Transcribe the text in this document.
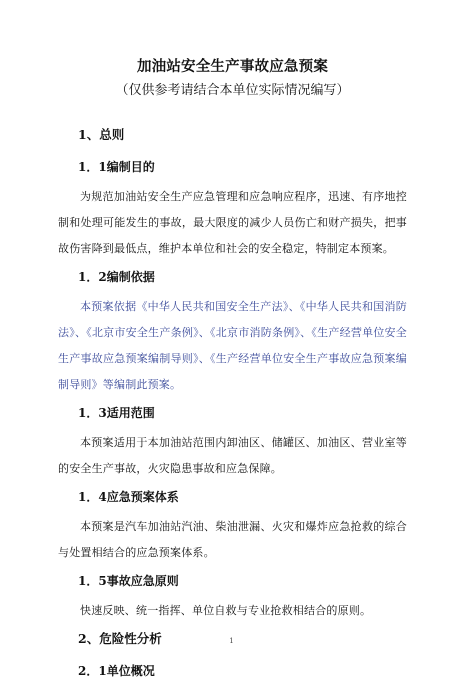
加油站安全生产事故应急预案
（仅供参考请结合本单位实际情况编写）
1、总则
1．1编制目的

为规范加油站安全生产应急管理和应急响应程序，迅速、有序地控制和处理可能发生的事故，最大限度的减少人员伤亡和财产损失，把事故伤害降到最低点，维护本单位和社会的安全稳定，特制定本预案。

1．2编制依据

本预案依据《中华人民共和国安全生产法》、《中华人民共和国消防法》、《北京市安全生产条例》、《北京市消防条例》、《生产经营单位安全生产事故应急预案编制导则》、《生产经营单位安全生产事故应急预案编制导则》等编制此预案。

1．3适用范围

本预案适用于本加油站范围内卸油区、储罐区、加油区、营业室等的安全生产事故，火灾隐患事故和应急保障。

1．4应急预案体系

本预案是汽车加油站汽油、柴油泄漏、火灾和爆炸应急抢救的综合与处置相结合的应急预案体系。

1．5事故应急原则

快速反映、统一指挥、单位自救与专业抢救相结合的原则。

2、危险性分析
2．1单位概况
1
